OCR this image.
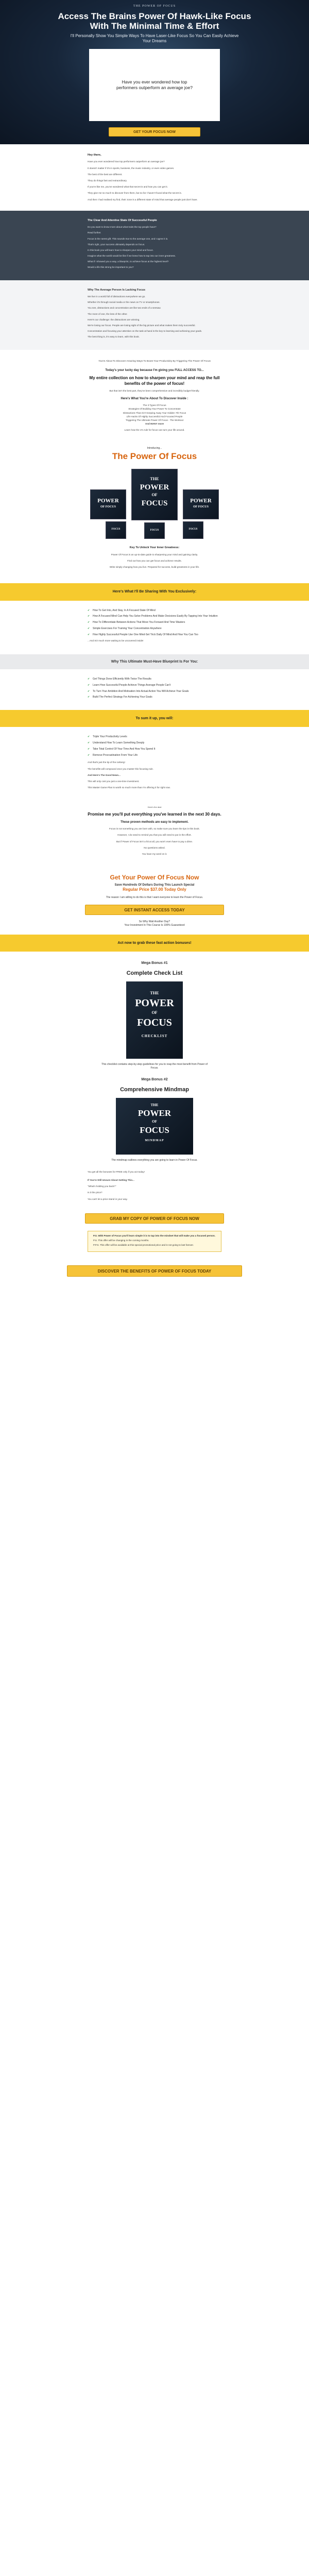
THE POWER OF FOCUS
Access The Brains Power Of Hawk-Like Focus With The Minimal Time & Effort

I'll Personally Show You Simple Ways To Have Laser-Like Focus So You Can Easily Achieve Your Dreams

Have you ever wondered how top performers outperform an average joe?

GET YOUR FOCUS NOW
Hey there,

Have you ever wondered how top performers outperform an average joe?

It doesn't matter if it's in sports, business, the music industry, or even video games.

The best of the best are different.

They do things fast and extraordinary.

If you're like me, you've wondered what that secret is and how you can get it.

They give me so much to discover from them, but so far I haven't found what the secret is.

And then I had realised my find, their zone is a different state of mind that average people just don't have.

The Clear And Attentive State Of Successful People

Do you want to know more about what traits the top people have?

Read further.

Focus is the rarest gift. This sounds true to the average one, and I agree it is.

That's right, your success ultimately depends on focus.

In this book you will learn how to sharpen your mind and focus.

Imagine what the world would be like if we knew how to tap into our inner greatness.

What if I showed you a way, a blueprint, to achieve focus at the highest level?

Would a life this strong be important to you?

Why The Average Person Is Lacking Focus

We live in a world full of distractions everywhere we go.

Whether it's through social media or the news on TV or smartphones.

You see, distractions and concentration are like two ends of a seesaw.

The more of one, the less of the other.

Here's our challenge: the distractions are winning.

We're losing our focus. People are losing sight of the big picture and what makes them truly successful.

Concentration and focusing your attention on the task at hand is the key to learning and achieving your goals.

The best thing is, it's easy to learn, with this book.

You're About To Discover Amazing Ways To Boost Your Productivity By Triggering The Power Of Focus

Today's your lucky day because I'm giving you FULL ACCESS TO...

My entire collection on how to sharpen your mind and reap the full benefits of the power of focus!

But that isn't the best part, they've been comprehensive and incredibly budget-friendly.

Here's What You're About To Discover Inside :

The 3 Types Of Focus

Strategies Of Building Your Power To Concentrate

Distractions That Ain't Keeping Away Your Hidden 7th Focus

Life Hacks Of Highly Successful And Focused People

Triggering The Ultimate Power Of Focus - The Workout

And MANY more

Learn how the 1% rule for focus can turn your life around.

Introducing...

The Power Of Focus
POWER
OF FOCUS
THE
POWER
OF
FOCUS	POWER
OF FOCUS
FOCUS	FOCUS	FOCUS
Key To Unlock Your Inner Greatness:

Power Of Focus is an up-to-date guide to sharpening your mind and gaining clarity.

Find out how you can get focus and achieve results.

Write simply changing how you live. Prepared for success, build greatness in your life.

Here's What I'll Be Sharing With You Exclusively:
✔ How To Get Into, And Stay, In A Focused State Of Mind
✔ How A Focused Mind Can Help You Solve Problems And Make Decisions Easily By Tapping Into Your Intuition
✔ How To Differentiate Between Actions That Move You Forward And Time Wasters
✔ Simple Exercises For Training Your Concentration Anywhere
✔ How Highly Successful People Use One Mind-Set Trick Daily Of Mind And How You Can Too

...And SO much more waiting to be uncovered inside!

Why This Ultimate Must-Have Blueprint Is For You:
✔ Get Things Done Efficiently With Twice The Results
✔ Learn How Successful People Achieve Things Average People Can't
✔ To Turn Your Ambition And Motivation Into Actual Action You Will Achieve Your Goals
✔ Build The Perfect Strategy For Achieving Your Goals
To sum it up, you will:
✔ Triple Your Productivity Levels
✔ Understand How To Learn Something Deeply
✔ Take Total Control Of Your Time And How You Spend It
✔ Remove Procrastination From Your Life

And that's just the tip of the iceberg!

The benefits will compound once you master this focusing rule.

And Here's The Good News...

This will only cost you just a one-time investment.

This Master Game Plan is worth so much more than I'm offering it for right now.

Here's the deal

Promise me you'll put everything you've learned in the next 30 days.

These proven methods are easy to implement.

Focus is not something you are born with, so make sure you learn the tips in this book.

However, I do need to remind you that you will need to put in the effort.

But if Power of Focus isn't a hit at all, you won't even have to pay a dime.

No questions asked.

You have my word on it.

Get Your Power Of Focus Now

Save Hundreds Of Dollars During This Launch Special

Regular Price $37.00 Today Only

The reason I am willing to do this is that I want everyone to learn the Power of Focus.

GET INSTANT ACCESS TODAY

So Why Wait Another Day?

Your Investment In This Course Is 100% Guaranteed

Act now to grab these fast action bonuses!
Mega Bonus #1
Complete Check List
THE
POWER
OF
FOCUS
CHECKLIST

This checklist contains step-by-step guidelines for you to reap the most benefit from Power of Focus.

Mega Bonus #2
Comprehensive Mindmap
THE
POWER
OF
FOCUS
MINDMAP

The mindmap outlines everything you are going to learn in Power Of Focus.

You get all the bonuses for FREE only if you act today!

If You're Still Unsure About Getting This...

"What's holding you back?"

Is it the price?

You can't let a price stand in your way.

GRAB MY COPY OF POWER OF FOCUS NOW

P.S. With Power of Focus you'll learn simple it is to tap into the mindset that will make you a focused person.

P.S. This offer will be changing in the coming months.

P.P.S. This offer will be available at this special promotional price and is not going to last forever.

DISCOVER THE BENEFITS OF POWER OF FOCUS TODAY
